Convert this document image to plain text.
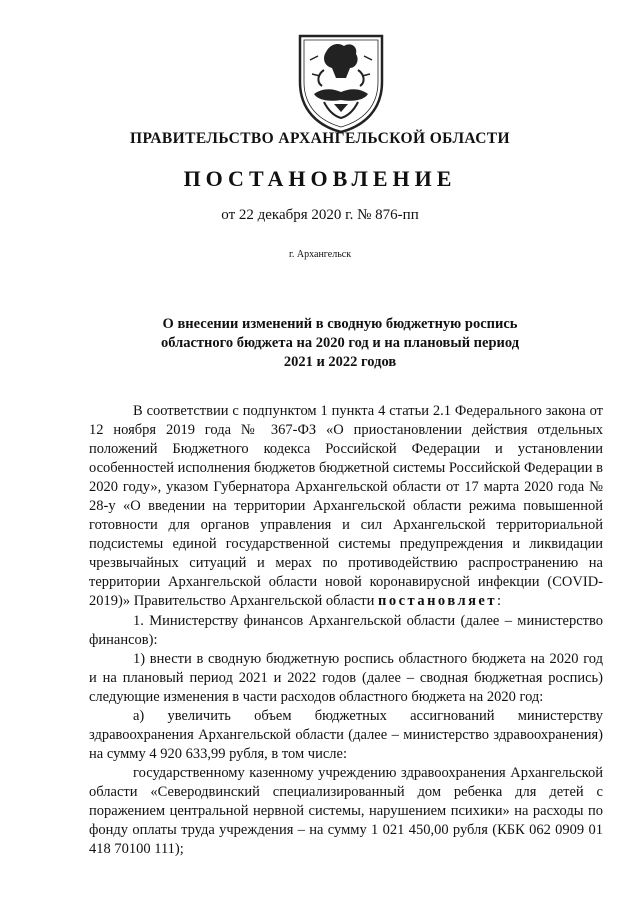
ПРАВИТЕЛЬСТВО АРХАНГЕЛЬСКОЙ ОБЛАСТИ
ПОСТАНОВЛЕНИЕ
от 22 декабря 2020 г. № 876-пп
г. Архангельск
О внесении изменений в сводную бюджетную роспись
областного бюджета на 2020 год и на плановый период
2021 и 2022 годов

В соответствии с подпунктом 1 пункта 4 статьи 2.1 Федерального закона от 12 ноября 2019 года № 367-ФЗ «О приостановлении действия отдельных положений Бюджетного кодекса Российской Федерации и установлении особенностей исполнения бюджетов бюджетной системы Российской Федерации в 2020 году», указом Губернатора Архангельской области от 17 марта 2020 года № 28-у «О введении на территории Архангельской области режима повышенной готовности для органов управления и сил Архангельской территориальной подсистемы единой государственной системы предупреждения и ликвидации чрезвычайных ситуаций и мерах по противодействию распространению на территории Архангельской области новой коронавирусной инфекции (COVID-2019)» Правительство Архангельской области постановляет:

1. Министерству финансов Архангельской области (далее – министерство финансов):

1) внести в сводную бюджетную роспись областного бюджета на 2020 год и на плановый период 2021 и 2022 годов (далее – сводная бюджетная роспись) следующие изменения в части расходов областного бюджета на 2020 год:

а) увеличить объем бюджетных ассигнований министерству здравоохранения Архангельской области (далее – министерство здравоохранения) на сумму 4 920 633,99 рубля, в том числе:

государственному казенному учреждению здравоохранения Архангельской области «Северодвинский специализированный дом ребенка для детей с поражением центральной нервной системы, нарушением психики» на расходы по фонду оплаты труда учреждения – на сумму 1 021 450,00 рубля (КБК 062 0909 01 418 70100 111);
